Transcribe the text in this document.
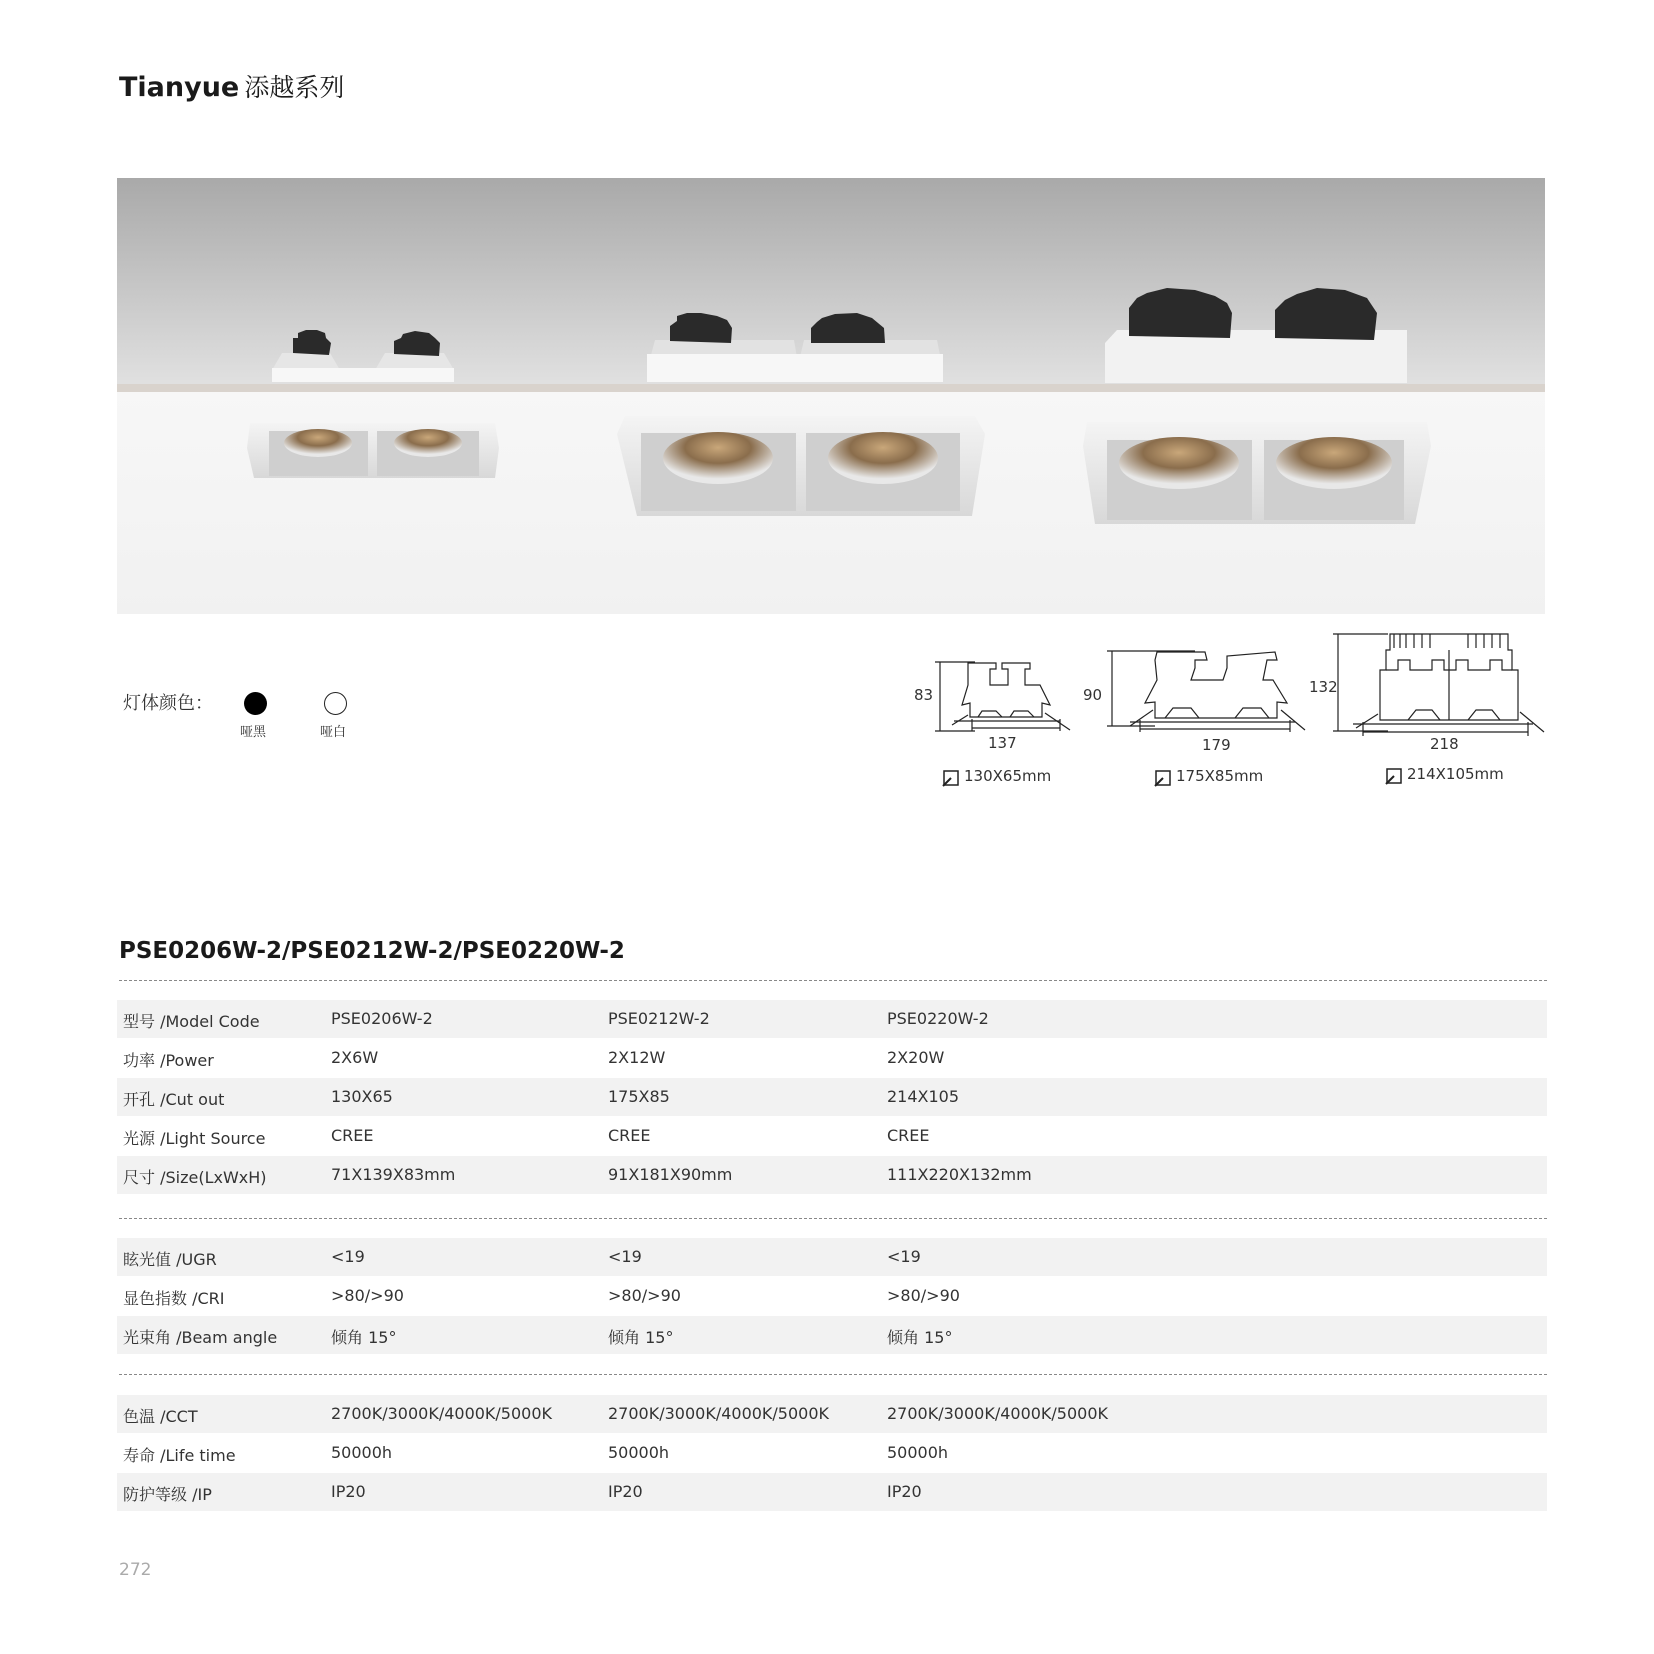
Tianyue 添越系列
灯体颜色：
哑黑	哑白
83
137
130X65mm
90
179
175X85mm
132
218
214X105mm
PSE0206W-2/PSE0212W-2/PSE0220W-2
型号 /Model Code	PSE0206W-2	PSE0212W-2	PSE0220W-2
功率 /Power	2X6W	2X12W	2X20W
开孔 /Cut out	130X65	175X85	214X105
光源 /Light Source	CREE	CREE	CREE
尺寸 /Size(LxWxH)	71X139X83mm	91X181X90mm	111X220X132mm
眩光值 /UGR	<19	<19	<19
显色指数 /CRI	>80/>90	>80/>90	>80/>90
光束角 /Beam angle	倾角 15°	倾角 15°	倾角 15°
色温 /CCT	2700K/3000K/4000K/5000K	2700K/3000K/4000K/5000K	2700K/3000K/4000K/5000K
寿命 /Life time	50000h	50000h	50000h
防护等级 /IP	IP20	IP20	IP20
272
